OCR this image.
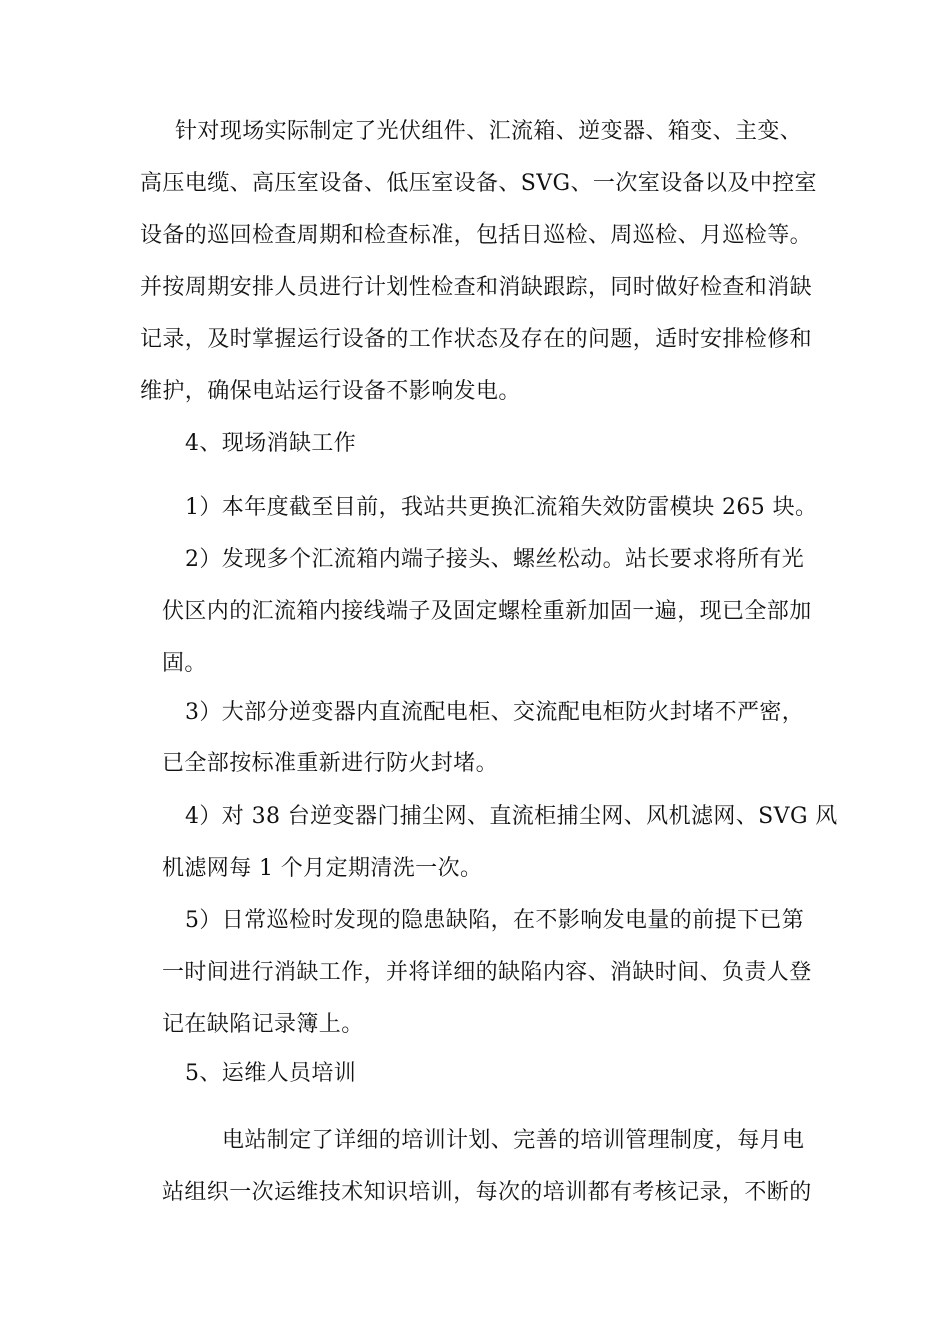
针对现场实际制定了光伏组件、汇流箱、逆变器、箱变、主变、
高压电缆、高压室设备、低压室设备、SVG、一次室设备以及中控室
设备的巡回检查周期和检查标准，包括日巡检、周巡检、月巡检等。
并按周期安排人员进行计划性检查和消缺跟踪，同时做好检查和消缺
记录，及时掌握运行设备的工作状态及存在的问题，适时安排检修和
维护，确保电站运行设备不影响发电。
4、现场消缺工作
1）本年度截至目前，我站共更换汇流箱失效防雷模块 265 块。
2）发现多个汇流箱内端子接头、螺丝松动。站长要求将所有光
伏区内的汇流箱内接线端子及固定螺栓重新加固一遍，现已全部加
固。
3）大部分逆变器内直流配电柜、交流配电柜防火封堵不严密，
已全部按标准重新进行防火封堵。
4）对 38 台逆变器门捕尘网、直流柜捕尘网、风机滤网、SVG 风
机滤网每 1 个月定期清洗一次。
5）日常巡检时发现的隐患缺陷，在不影响发电量的前提下已第
一时间进行消缺工作，并将详细的缺陷内容、消缺时间、负责人登
记在缺陷记录簿上。
5、运维人员培训
电站制定了详细的培训计划、完善的培训管理制度，每月电
站组织一次运维技术知识培训，每次的培训都有考核记录，不断的
